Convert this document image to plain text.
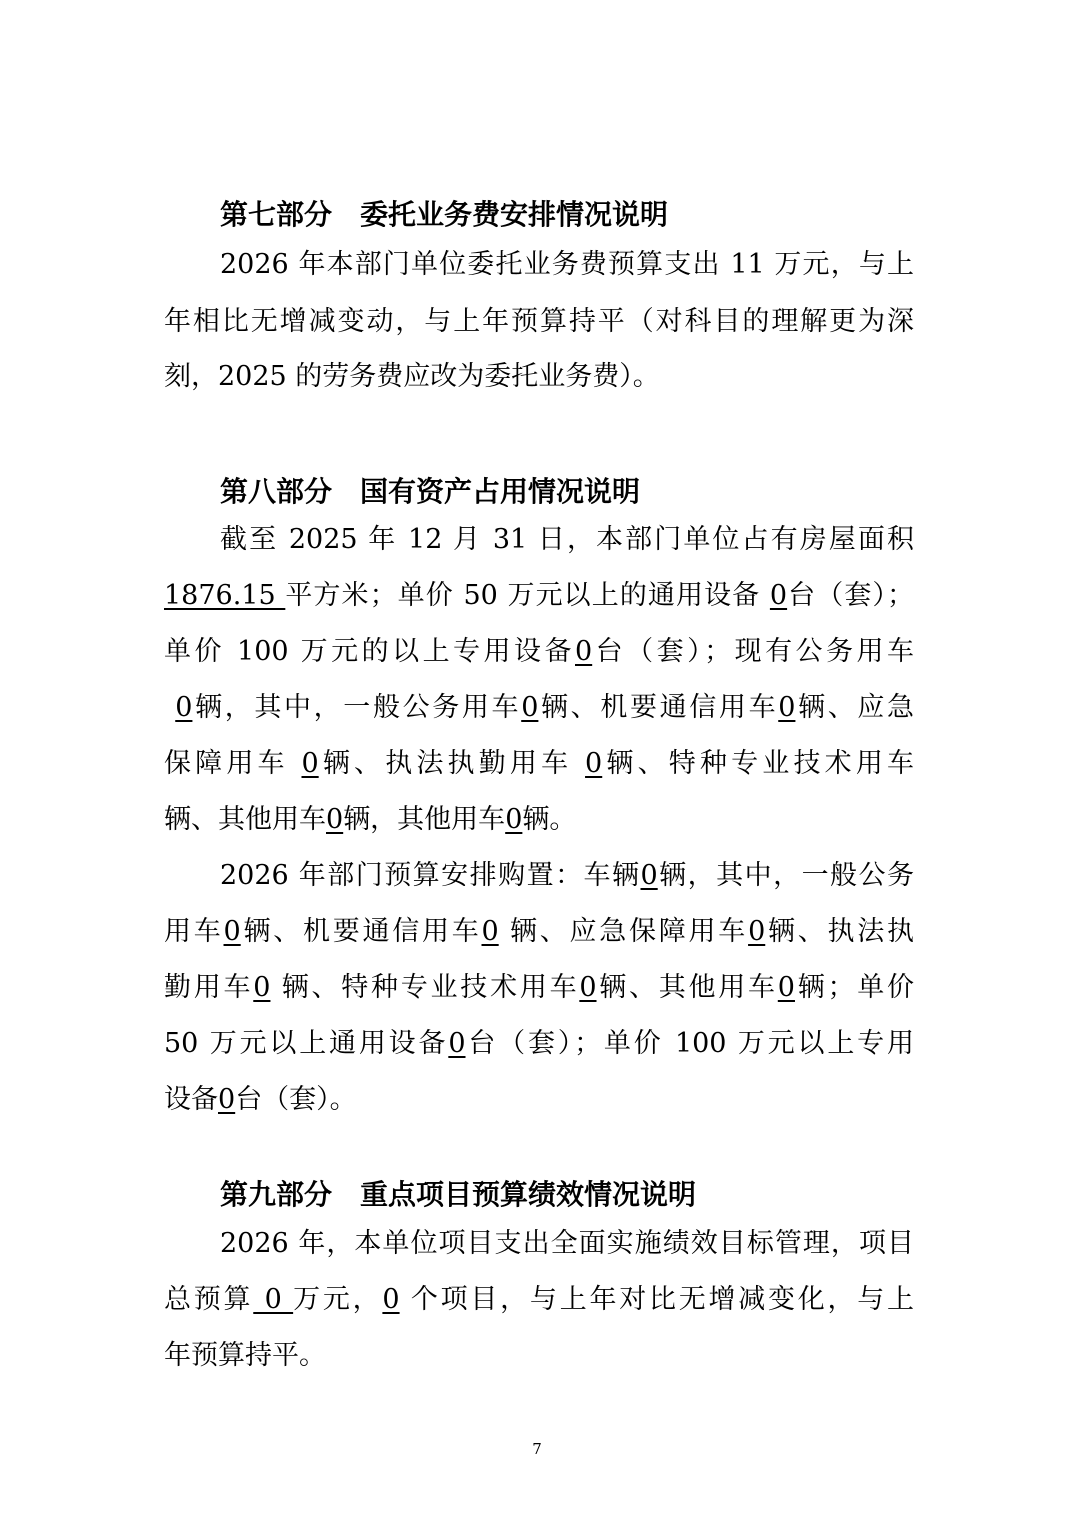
第七部分 委托业务费安排情况说明

2026 年本部门单位委托业务费预算支出 11 万元，与上

年相比无增减变动，与上年预算持平（对科目的理解更为深

刻，2025 的劳务费应改为委托业务费）。

第八部分 国有资产占用情况说明

截至 2025 年 12 月 31 日，本部门单位占有房屋面积

1876.15 平方米；单价 50 万元以上的通用设备 0台（套）；

单价 100 万元的以上专用设备0台（套）；现有公务用车

0辆，其中，一般公务用车0辆、机要通信用车0辆、应急

保障用车 0辆、执法执勤用车 0辆、特种专业技术用车

辆、其他用车0辆，其他用车0辆。

2026 年部门预算安排购置：车辆0辆，其中，一般公务

用车0辆、机要通信用车0 辆、应急保障用车0辆、执法执

勤用车0 辆、特种专业技术用车0辆、其他用车0辆；单价

50 万元以上通用设备0台（套）；单价 100 万元以上专用

设备0台（套）。

第九部分 重点项目预算绩效情况说明

2026 年，本单位项目支出全面实施绩效目标管理，项目

总预算 0 万元，0 个项目，与上年对比无增减变化，与上

年预算持平。

7
